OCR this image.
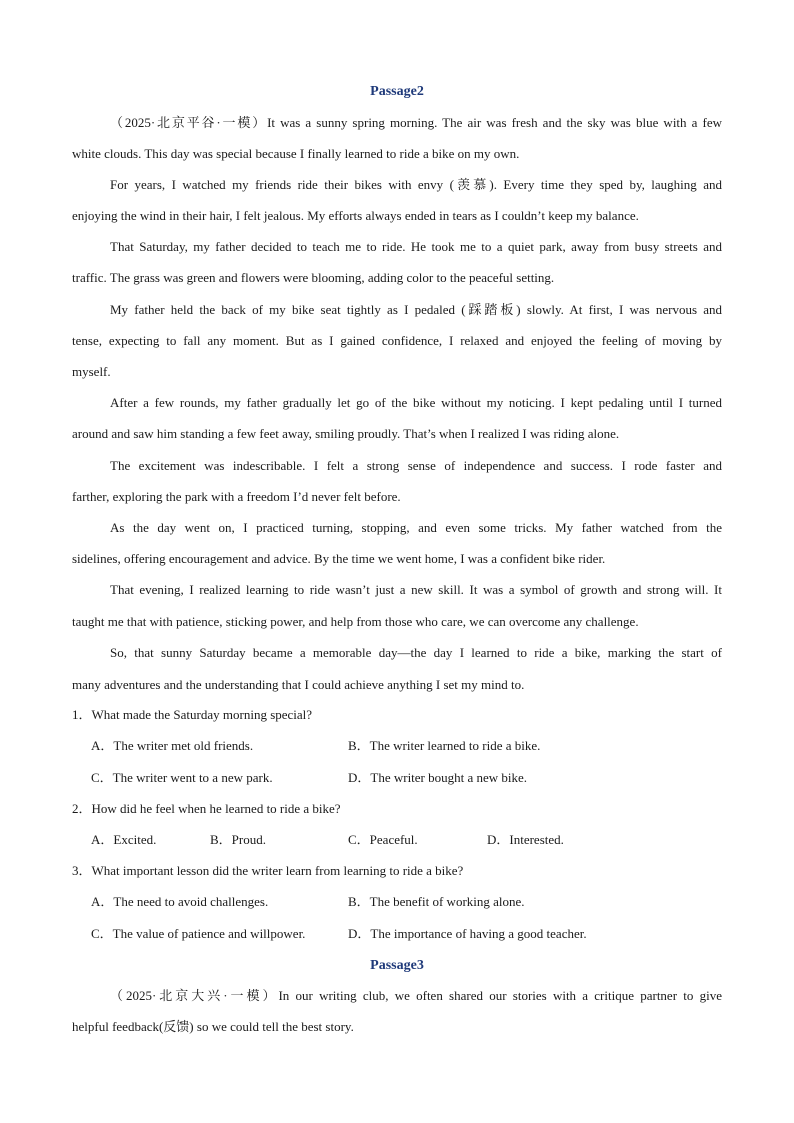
Passage2
（2025·北京平谷·一模）It was a sunny spring morning. The air was fresh and the sky was blue with a few
white clouds. This day was special because I finally learned to ride a bike on my own.
For years, I watched my friends ride their bikes with envy (羡慕). Every time they sped by, laughing and
enjoying the wind in their hair, I felt jealous. My efforts always ended in tears as I couldn’t keep my balance.
That Saturday, my father decided to teach me to ride. He took me to a quiet park, away from busy streets and
traffic. The grass was green and flowers were blooming, adding color to the peaceful setting.
My father held the back of my bike seat tightly as I pedaled (踩踏板) slowly. At first, I was nervous and
tense, expecting to fall any moment. But as I gained confidence, I relaxed and enjoyed the feeling of moving by
myself.
After a few rounds, my father gradually let go of the bike without my noticing. I kept pedaling until I turned
around and saw him standing a few feet away, smiling proudly. That’s when I realized I was riding alone.
The excitement was indescribable. I felt a strong sense of independence and success. I rode faster and
farther, exploring the park with a freedom I’d never felt before.
As the day went on, I practiced turning, stopping, and even some tricks. My father watched from the
sidelines, offering encouragement and advice. By the time we went home, I was a confident bike rider.
That evening, I realized learning to ride wasn’t just a new skill. It was a symbol of growth and strong will. It
taught me that with patience, sticking power, and help from those who care, we can overcome any challenge.
So, that sunny Saturday became a memorable day—the day I learned to ride a bike, marking the start of
many adventures and the understanding that I could achieve anything I set my mind to.
1．What made the Saturday morning special?
A．The writer met old friends.	B．The writer learned to ride a bike.
C．The writer went to a new park.	D．The writer bought a new bike.
2．How did he feel when he learned to ride a bike?
A．Excited.	B．Proud.	C．Peaceful.	D．Interested.
3．What important lesson did the writer learn from learning to ride a bike?
A．The need to avoid challenges.	B．The benefit of working alone.
C．The value of patience and willpower.	D．The importance of having a good teacher.
Passage3
（2025·北京大兴·一模）In our writing club, we often shared our stories with a critique partner to give
helpful feedback(反馈) so we could tell the best story.
